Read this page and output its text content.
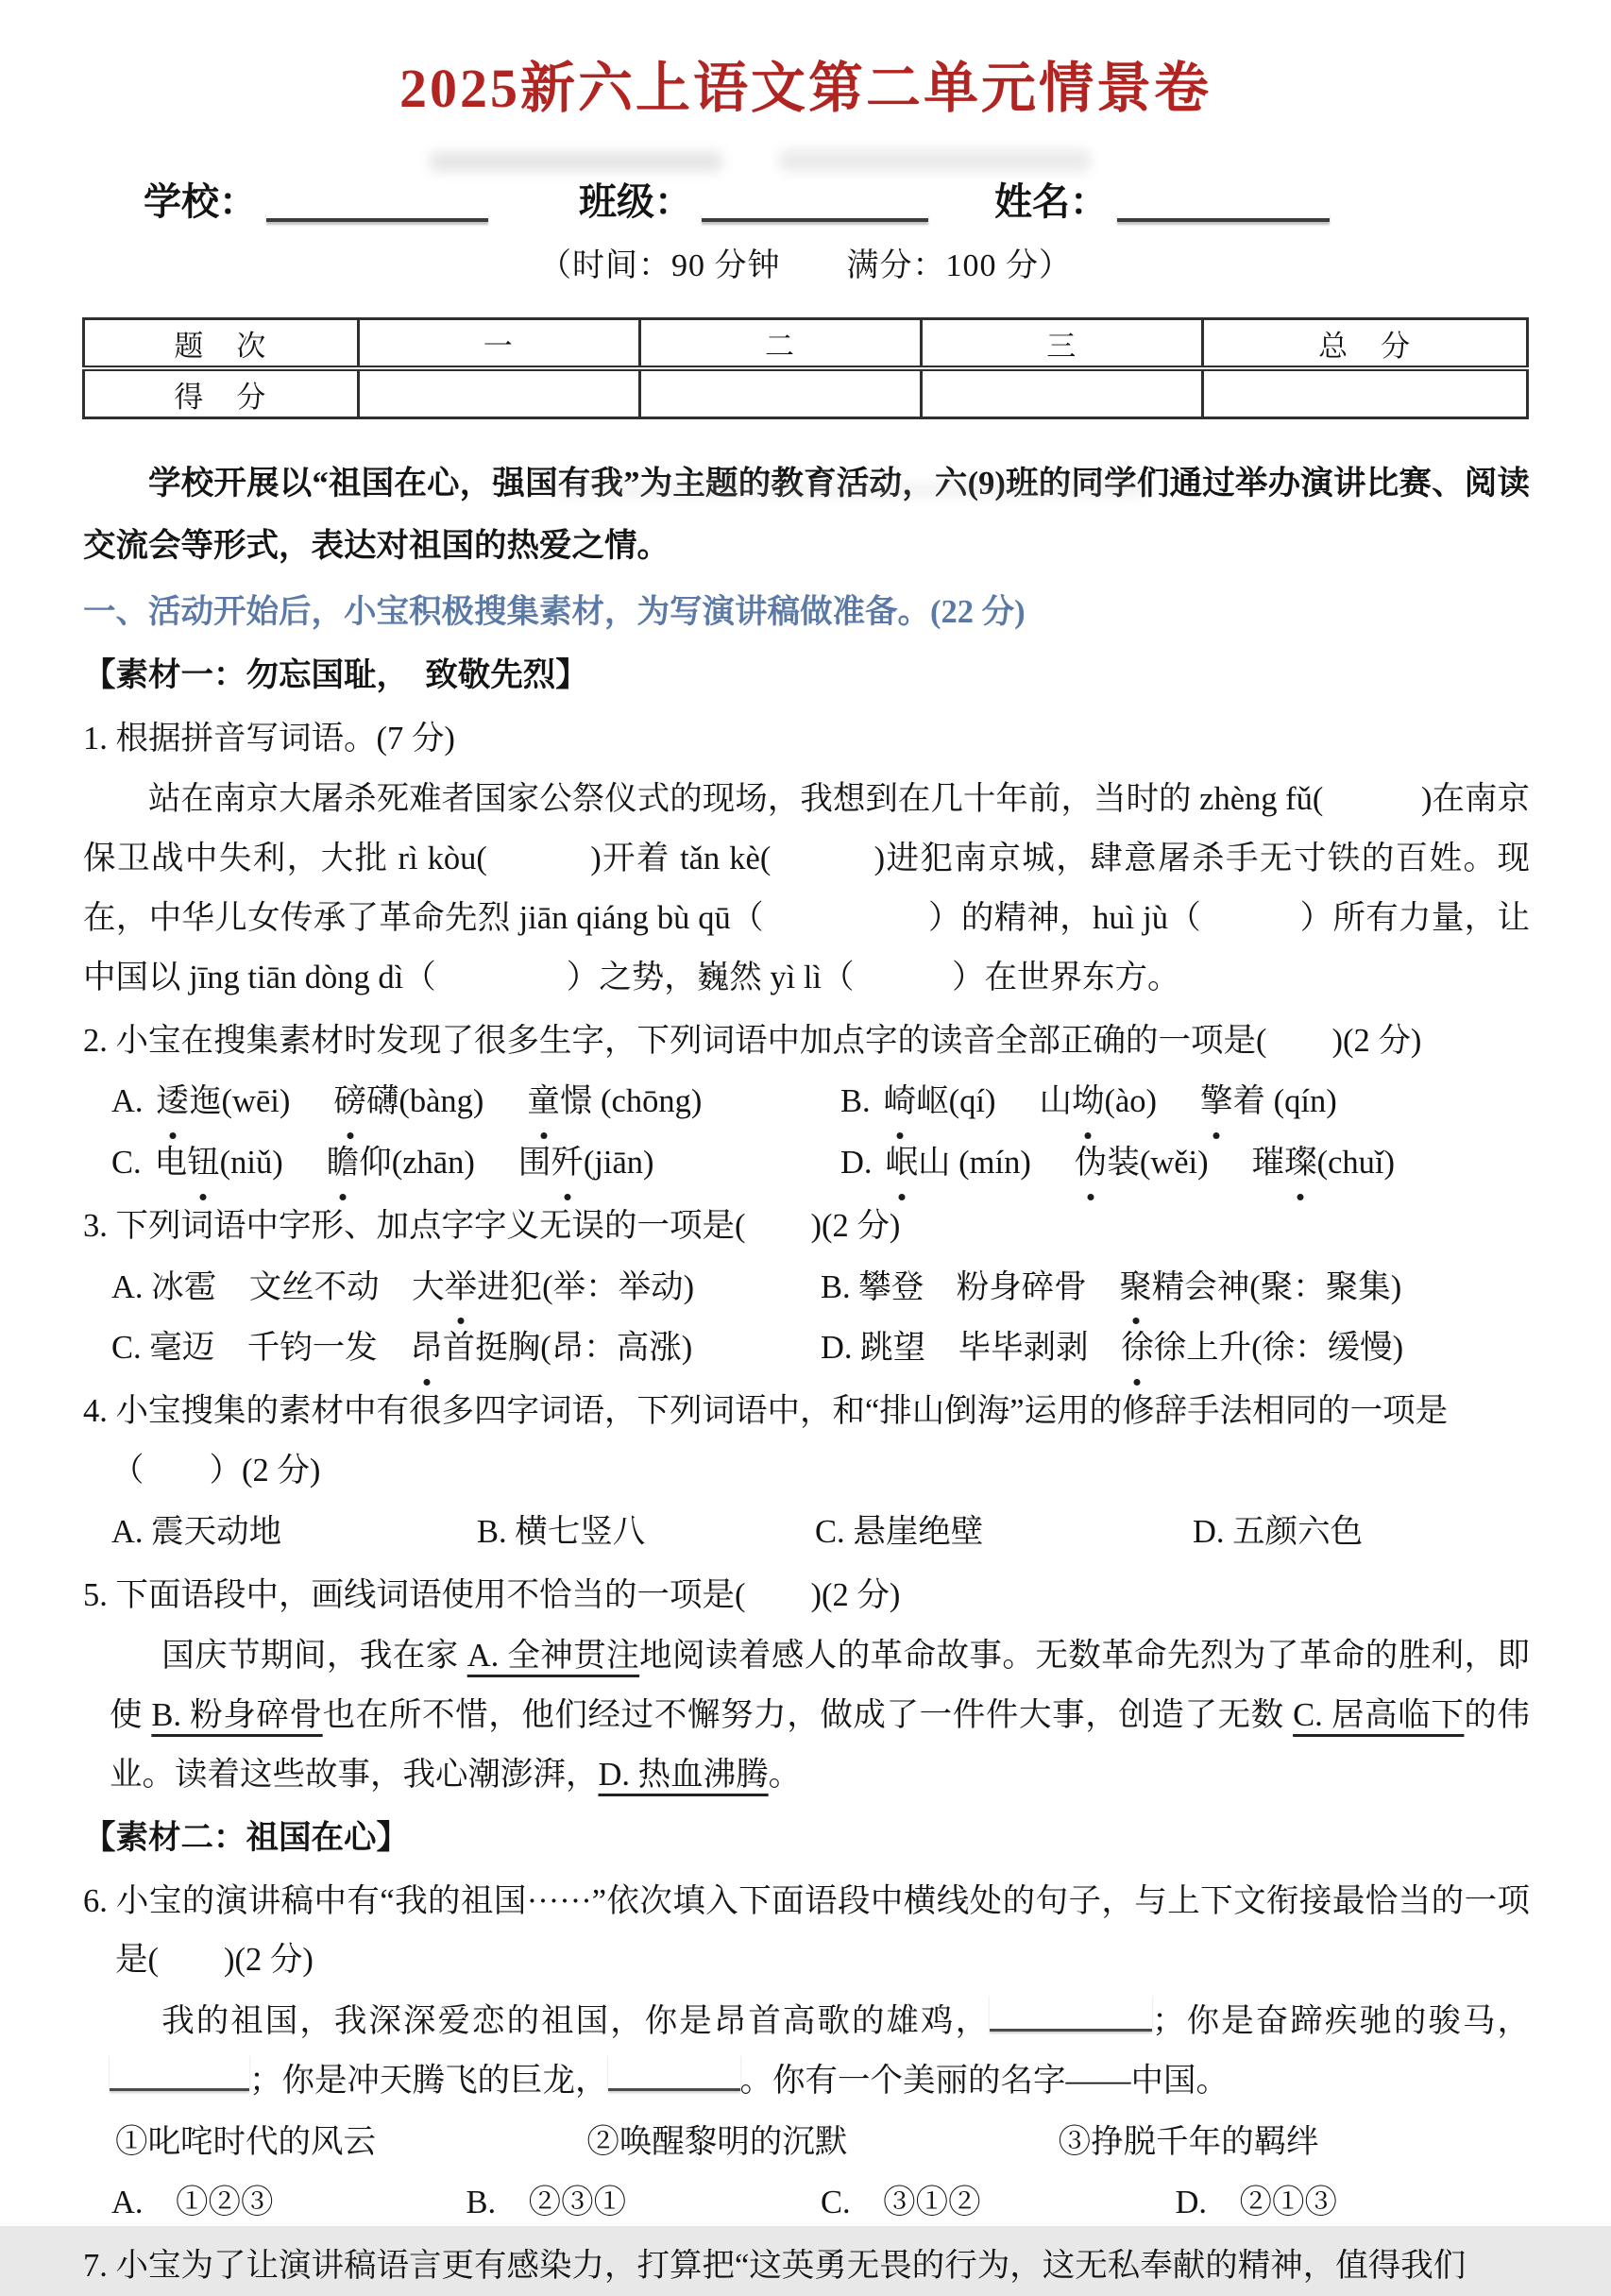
2025新六上语文第二单元情景卷
学校：	班级：	姓名：
（时间：90 分钟　　满分：100 分）
题　次	一	二	三	总　分
得　分				
学校开展以“祖国在心，强国有我”为主题的教育活动，六(9)班的同学们通过举办演讲比赛、阅读交流会等形式，表达对祖国的热爱之情。
一、活动开始后，小宝积极搜集素材，为写演讲稿做准备。(22 分)
【素材一：勿忘国耻，　致敬先烈】
1. 根据拼音写词语。(7 分)
站在南京大屠杀死难者国家公祭仪式的现场，我想到在几十年前，当时的 zhèng fǔ(　　　)在南京保卫战中失利，大批 rì kòu(　　　)开着 tǎn kè(　　　)进犯南京城，肆意屠杀手无寸铁的百姓。现在，中华儿女传承了革命先烈 jiān qiáng bù qū（　　　　　）的精神，huì jù（　　　）所有力量，让中国以 jīng tiān dòng dì（　　　　）之势，巍然 yì lì（　　　）在世界东方。
2. 小宝在搜集素材时发现了很多生字，下列词语中加点字的读音全部正确的一项是(　　)(2 分)
A. 逶迤(wēi) 磅礴(bàng) 童憬 (chōng)	B. 崎岖(qí) 山坳(ào) 擎着 (qín)
C. 电钮(niǔ) 瞻仰(zhān) 围歼(jiān)	D. 岷山 (mín) 伪装(wěi) 璀璨(chuǐ)
3. 下列词语中字形、加点字字义无误的一项是(　　)(2 分)
A. 冰雹　文丝不动　大举进犯(举：举动)	B. 攀登　粉身碎骨　聚精会神(聚：聚集)
C. 毫迈　千钧一发　昂首挺胸(昂：高涨)	D. 跳望　毕毕剥剥　徐徐上升(徐：缓慢)
4. 小宝搜集的素材中有很多四字词语，下列词语中，和“排山倒海”运用的修辞手法相同的一项是
（　　）(2 分)
A. 震天动地	B. 横七竖八	C. 悬崖绝壁	D. 五颜六色
5. 下面语段中，画线词语使用不恰当的一项是(　　)(2 分)
国庆节期间，我在家 A. 全神贯注地阅读着感人的革命故事。无数革命先烈为了革命的胜利，即使 B. 粉身碎骨也在所不惜，他们经过不懈努力，做成了一件件大事，创造了无数 C. 居高临下的伟业。读着这些故事，我心潮澎湃，D. 热血沸腾。
【素材二：祖国在心】
6. 小宝的演讲稿中有“我的祖国······”依次填入下面语段中横线处的句子，与上下文衔接最恰当的一项是(　　)(2 分)
我的祖国，我深深爱恋的祖国，你是昂首高歌的雄鸡，	；你是奋蹄疾驰的骏马，；你是冲天腾飞的巨龙，	。你有一个美丽的名字——中国。
①叱咤时代的风云	②唤醒黎明的沉默	③挣脱千年的羁绊
A.　①②③	B.　②③①	C.　③①②	D.　②①③
7. 小宝为了让演讲稿语言更有感染力，打算把“这英勇无畏的行为，这无私奉献的精神，值得我们
